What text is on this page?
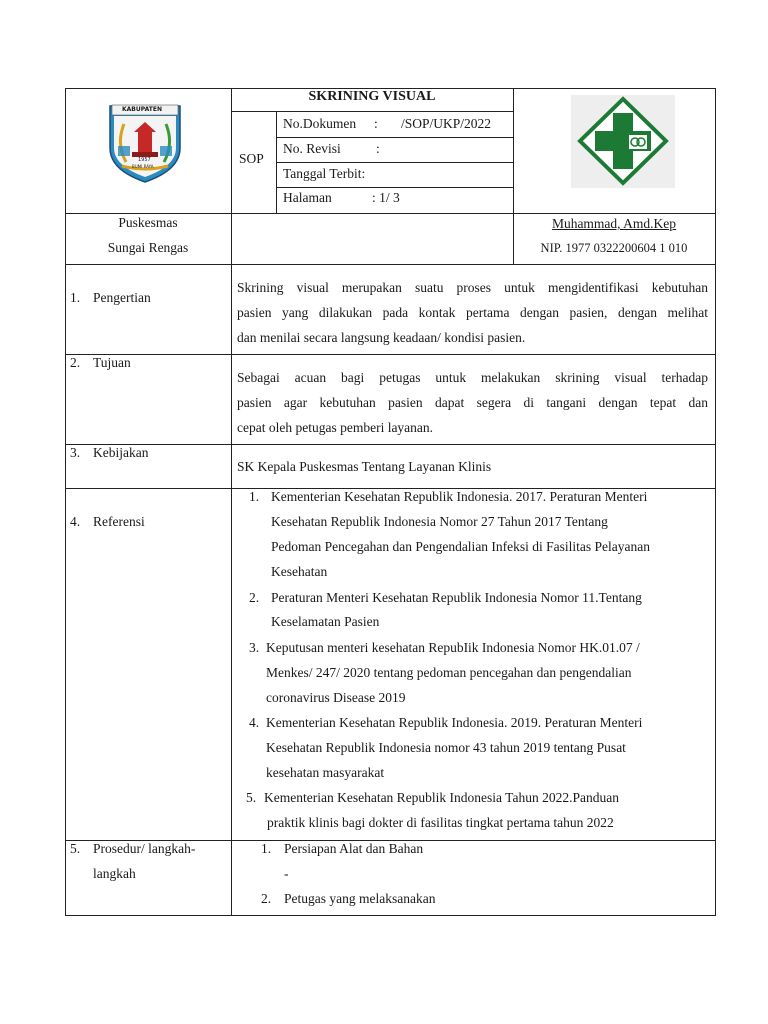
KABUPATEN
1957
BUMI RAYA
SKRINING VISUAL
SOP
No.Dokumen : /SOP/UKP/2022
No. Revisi	:
Tanggal Terbit:
Halaman	: 1/ 3
Puskesmas
Sungai Rengas
Muhammad, Amd.Kep
NIP. 1977 0322200604 1 010
1. Pengertian
Skrining visual merupakan suatu proses untuk mengidentifikasi kebutuhan
pasien yang dilakukan pada kontak pertama dengan pasien, dengan melihat
dan menilai secara langsung keadaan/ kondisi pasien.
2. Tujuan
Sebagai acuan bagi petugas untuk melakukan skrining visual terhadap
pasien agar kebutuhan pasien dapat segera di tangani dengan tepat dan
cepat oleh petugas pemberi layanan.
3. Kebijakan
SK Kepala Puskesmas Tentang Layanan Klinis
4. Referensi
1. Kementerian Kesehatan Republik Indonesia. 2017. Peraturan Menteri
Kesehatan Republik Indonesia Nomor 27 Tahun 2017 Tentang
Pedoman Pencegahan dan Pengendalian Infeksi di Fasilitas Pelayanan
Kesehatan
2. Peraturan Menteri Kesehatan Republik Indonesia Nomor 11.Tentang
Keselamatan Pasien
3. Keputusan menteri kesehatan RepubIik Indonesia Nomor HK.01.07 /
Menkes/ 247/ 2020 tentang pedoman pencegahan dan pengendalian
coronavirus Disease 2019
4. Kementerian Kesehatan Republik Indonesia. 2019. Peraturan Menteri
Kesehatan Republik Indonesia nomor 43 tahun 2019 tentang Pusat
kesehatan masyarakat
5. Kementerian Kesehatan Republik Indonesia Tahun 2022.Panduan
praktik klinis bagi dokter di fasilitas tingkat pertama tahun 2022
5. Prosedur/ langkah-
langkah
1. Persiapan Alat dan Bahan
-
2. Petugas yang melaksanakan
